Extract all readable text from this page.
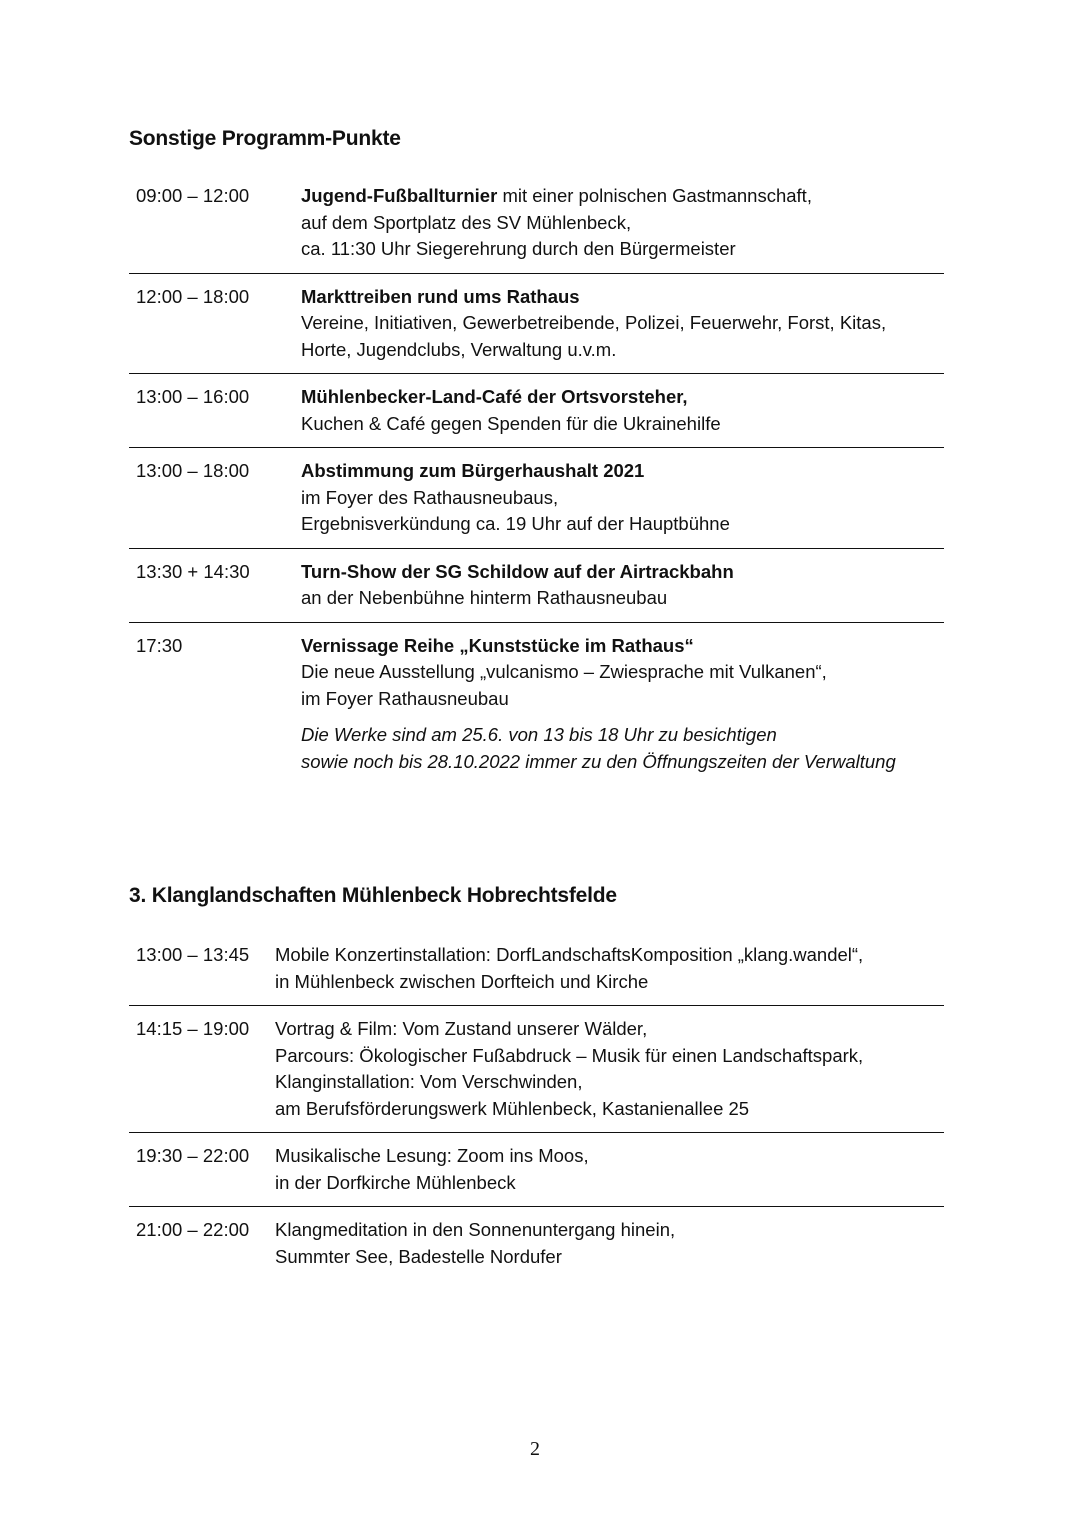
Sonstige Programm-Punkte
09:00 – 12:00	Jugend-Fußballturnier mit einer polnischen Gastmannschaft,
auf dem Sportplatz des SV Mühlenbeck,
ca. 11:30 Uhr Siegerehrung durch den Bürgermeister
12:00 – 18:00	Markttreiben rund ums Rathaus
Vereine, Initiativen, Gewerbetreibende, Polizei, Feuerwehr, Forst, Kitas,
Horte, Jugendclubs, Verwaltung u.v.m.
13:00 – 16:00	Mühlenbecker-Land-Café der Ortsvorsteher,
Kuchen & Café gegen Spenden für die Ukrainehilfe
13:00 – 18:00	Abstimmung zum Bürgerhaushalt 2021
im Foyer des Rathausneubaus,
Ergebnisverkündung ca. 19 Uhr auf der Hauptbühne
13:30 + 14:30	Turn-Show der SG Schildow auf der Airtrackbahn
an der Nebenbühne hinterm Rathausneubau
17:30	Vernissage Reihe „Kunststücke im Rathaus“
Die neue Ausstellung „vulcanismo – Zwiesprache mit Vulkanen“,
im Foyer Rathausneubau
Die Werke sind am 25.6. von 13 bis 18 Uhr zu besichtigen
sowie noch bis 28.10.2022 immer zu den Öffnungszeiten der Verwaltung
3. Klanglandschaften Mühlenbeck Hobrechtsfelde
13:00 – 13:45	Mobile Konzertinstallation: DorfLandschaftsKomposition „klang.wandel“,
in Mühlenbeck zwischen Dorfteich und Kirche
14:15 – 19:00	Vortrag & Film: Vom Zustand unserer Wälder,
Parcours: Ökologischer Fußabdruck – Musik für einen Landschaftspark,
Klanginstallation: Vom Verschwinden,
am Berufsförderungswerk Mühlenbeck, Kastanienallee 25
19:30 – 22:00	Musikalische Lesung: Zoom ins Moos,
in der Dorfkirche Mühlenbeck
21:00 – 22:00	Klangmeditation in den Sonnenuntergang hinein,
Summter See, Badestelle Nordufer
2
